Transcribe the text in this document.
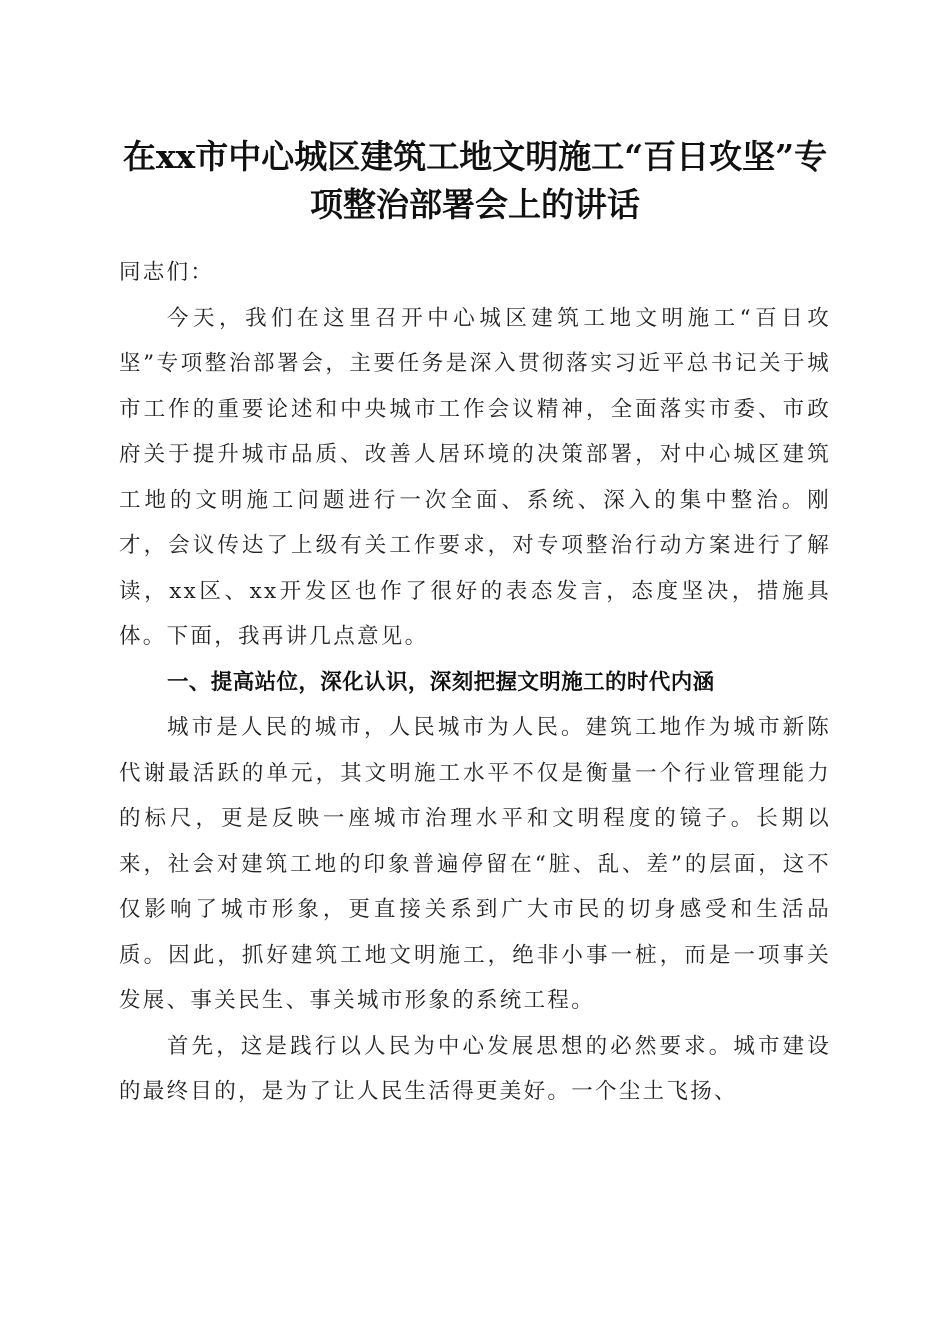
在xx市中心城区建筑工地文明施工“百日攻坚”专项整治部署会上的讲话

同志们：

今天，我们在这里召开中心城区建筑工地文明施工“百日攻坚”专项整治部署会，主要任务是深入贯彻落实习近平总书记关于城市工作的重要论述和中央城市工作会议精神，全面落实市委、市政府关于提升城市品质、改善人居环境的决策部署，对中心城区建筑工地的文明施工问题进行一次全面、系统、深入的集中整治。刚才，会议传达了上级有关工作要求，对专项整治行动方案进行了解读，xx区、xx开发区也作了很好的表态发言，态度坚决，措施具体。下面，我再讲几点意见。

一、提高站位，深化认识，深刻把握文明施工的时代内涵

城市是人民的城市，人民城市为人民。建筑工地作为城市新陈代谢最活跃的单元，其文明施工水平不仅是衡量一个行业管理能力的标尺，更是反映一座城市治理水平和文明程度的镜子。长期以来，社会对建筑工地的印象普遍停留在“脏、乱、差”的层面，这不仅影响了城市形象，更直接关系到广大市民的切身感受和生活品质。因此，抓好建筑工地文明施工，绝非小事一桩，而是一项事关发展、事关民生、事关城市形象的系统工程。

首先，这是践行以人民为中心发展思想的必然要求。城市建设的最终目的，是为了让人民生活得更美好。一个尘土飞扬、
